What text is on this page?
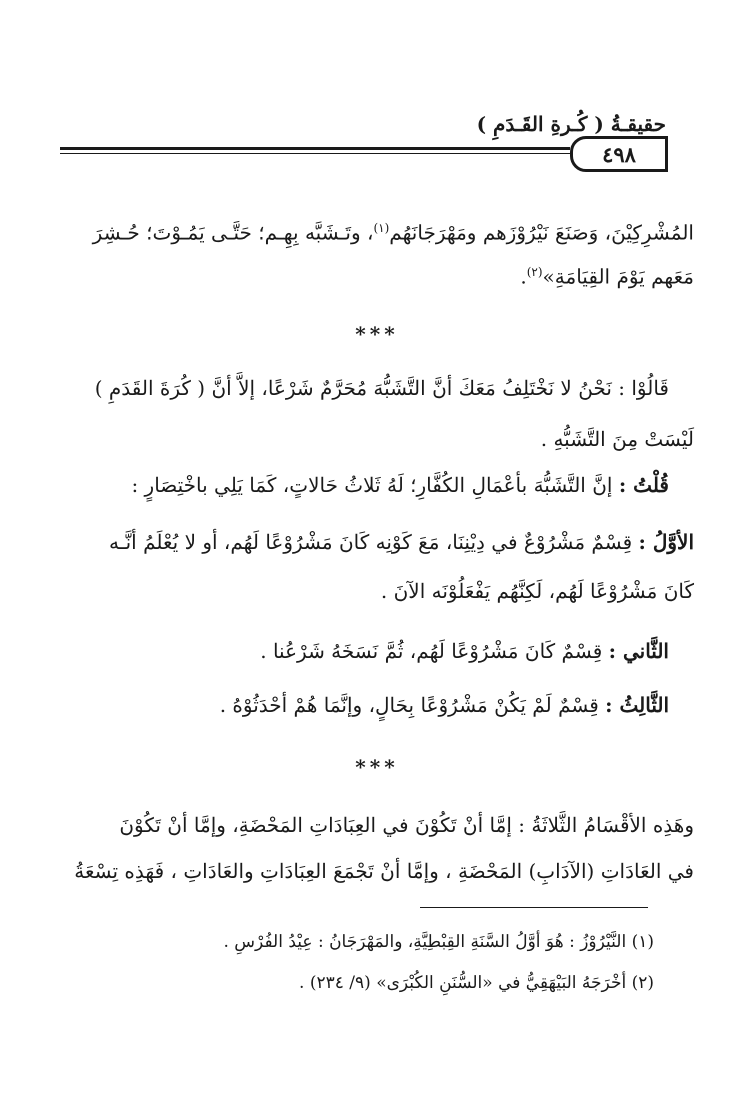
حقيقـةُ ( كُـرةِ القَـدَمِ )
٤٩٨
المُشْرِكِيْنَ، وَصَنَعَ نَيْرُوْزَهم ومَهْرَجَانَهُم$^{(١)}$، وتَـشَبَّه بِهِـم؛ حَتَّـى يَمُـوْتَ؛ حُـشِرَ
مَعَهم يَوْمَ القِيَامَةِ»$^{(٢)}$.
***
قَالُوْا : نَحْنُ لا نَخْتَلِفُ مَعَكَ أنَّ التَّشَبُّهَ مُحَرَّمٌ شَرْعًا، إلاَّ أنَّ ( كُرَةَ القَدَمِ )
لَيْسَتْ مِنَ التَّشَبُّهِ .
قُلْتُ : إنَّ التَّشَبُّهَ بأعْمَالِ الكُفَّارِ؛ لَهُ ثَلاثُ حَالاتٍ، كَمَا يَلِي باخْتِصَارٍ :
الأوَّلُ : قِسْمٌ مَشْرُوْعٌ في دِيْنِنَا، مَعَ كَوْنِه كَانَ مَشْرُوْعًا لَهُم، أو لا يُعْلَمُ أنَّـه
كَانَ مَشْرُوْعًا لَهُم، لَكِنَّهُم يَفْعَلُوْنَه الآنَ .
الثَّاني : قِسْمٌ كَانَ مَشْرُوْعًا لَهُم، ثُمَّ نَسَخَهُ شَرْعُنا .
الثَّالِثُ : قِسْمٌ لَمْ يَكُنْ مَشْرُوْعًا بِحَالٍ، وإنَّمَا هُمْ أحْدَثُوْهُ .
***
وهَذِه الأقْسَامُ الثَّلاثَةُ : إمَّا أنْ تَكُوْنَ في العِبَادَاتِ المَحْضَةِ، وإمَّا أنْ تَكُوْنَ
في العَادَاتِ (الآدَابِ) المَحْضَةِ ، وإمَّا أنْ تَجْمَعَ العِبَادَاتِ والعَادَاتِ ، فَهَذِه تِسْعَةُ
(١) النَّيْرُوْزُ : هُوَ أوَّلُ السَّنَةِ القِبْطِيَّةِ، والمَهْرَجَانُ : عِيْدُ الفُرْسِ .
(٢) أخْرَجَهُ البَيْهَقِيُّ في «السُّنَنِ الكُبْرَى» (٩/ ٢٣٤) .
